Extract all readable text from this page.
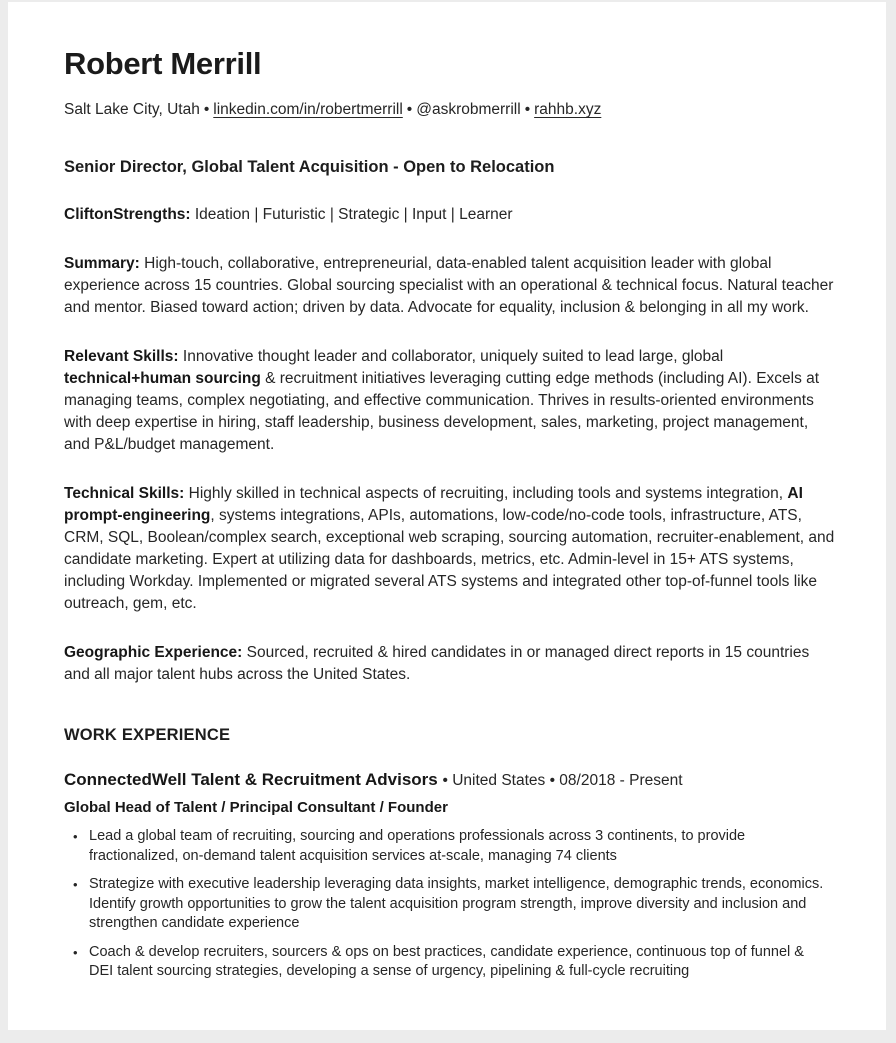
Robert Merrill
Salt Lake City, Utah • linkedin.com/in/robertmerrill • @askrobmerrill • rahhb.xyz
Senior Director, Global Talent Acquisition - Open to Relocation
CliftonStrengths: Ideation | Futuristic | Strategic | Input | Learner
Summary: High-touch, collaborative, entrepreneurial, data-enabled talent acquisition leader with global experience across 15 countries. Global sourcing specialist with an operational & technical focus. Natural teacher and mentor. Biased toward action; driven by data. Advocate for equality, inclusion & belonging in all my work.
Relevant Skills: Innovative thought leader and collaborator, uniquely suited to lead large, global technical+human sourcing & recruitment initiatives leveraging cutting edge methods (including AI). Excels at managing teams, complex negotiating, and effective communication. Thrives in results-oriented environments with deep expertise in hiring, staff leadership, business development, sales, marketing, project management, and P&L/budget management.
Technical Skills: Highly skilled in technical aspects of recruiting, including tools and systems integration, AI prompt-engineering, systems integrations, APIs, automations, low-code/no-code tools, infrastructure, ATS, CRM, SQL, Boolean/complex search, exceptional web scraping, sourcing automation, recruiter-enablement, and candidate marketing. Expert at utilizing data for dashboards, metrics, etc. Admin-level in 15+ ATS systems, including Workday. Implemented or migrated several ATS systems and integrated other top-of-funnel tools like outreach, gem, etc.
Geographic Experience: Sourced, recruited & hired candidates in or managed direct reports in 15 countries and all major talent hubs across the United States.
WORK EXPERIENCE
ConnectedWell Talent & Recruitment Advisors • United States • 08/2018 - Present
Global Head of Talent / Principal Consultant / Founder
• Lead a global team of recruiting, sourcing and operations professionals across 3 continents, to provide fractionalized, on-demand talent acquisition services at-scale, managing 74 clients
• Strategize with executive leadership leveraging data insights, market intelligence, demographic trends, economics. Identify growth opportunities to grow the talent acquisition program strength, improve diversity and inclusion and strengthen candidate experience
• Coach & develop recruiters, sourcers & ops on best practices, candidate experience, continuous top of funnel & DEI talent sourcing strategies, developing a sense of urgency, pipelining & full-cycle recruiting
